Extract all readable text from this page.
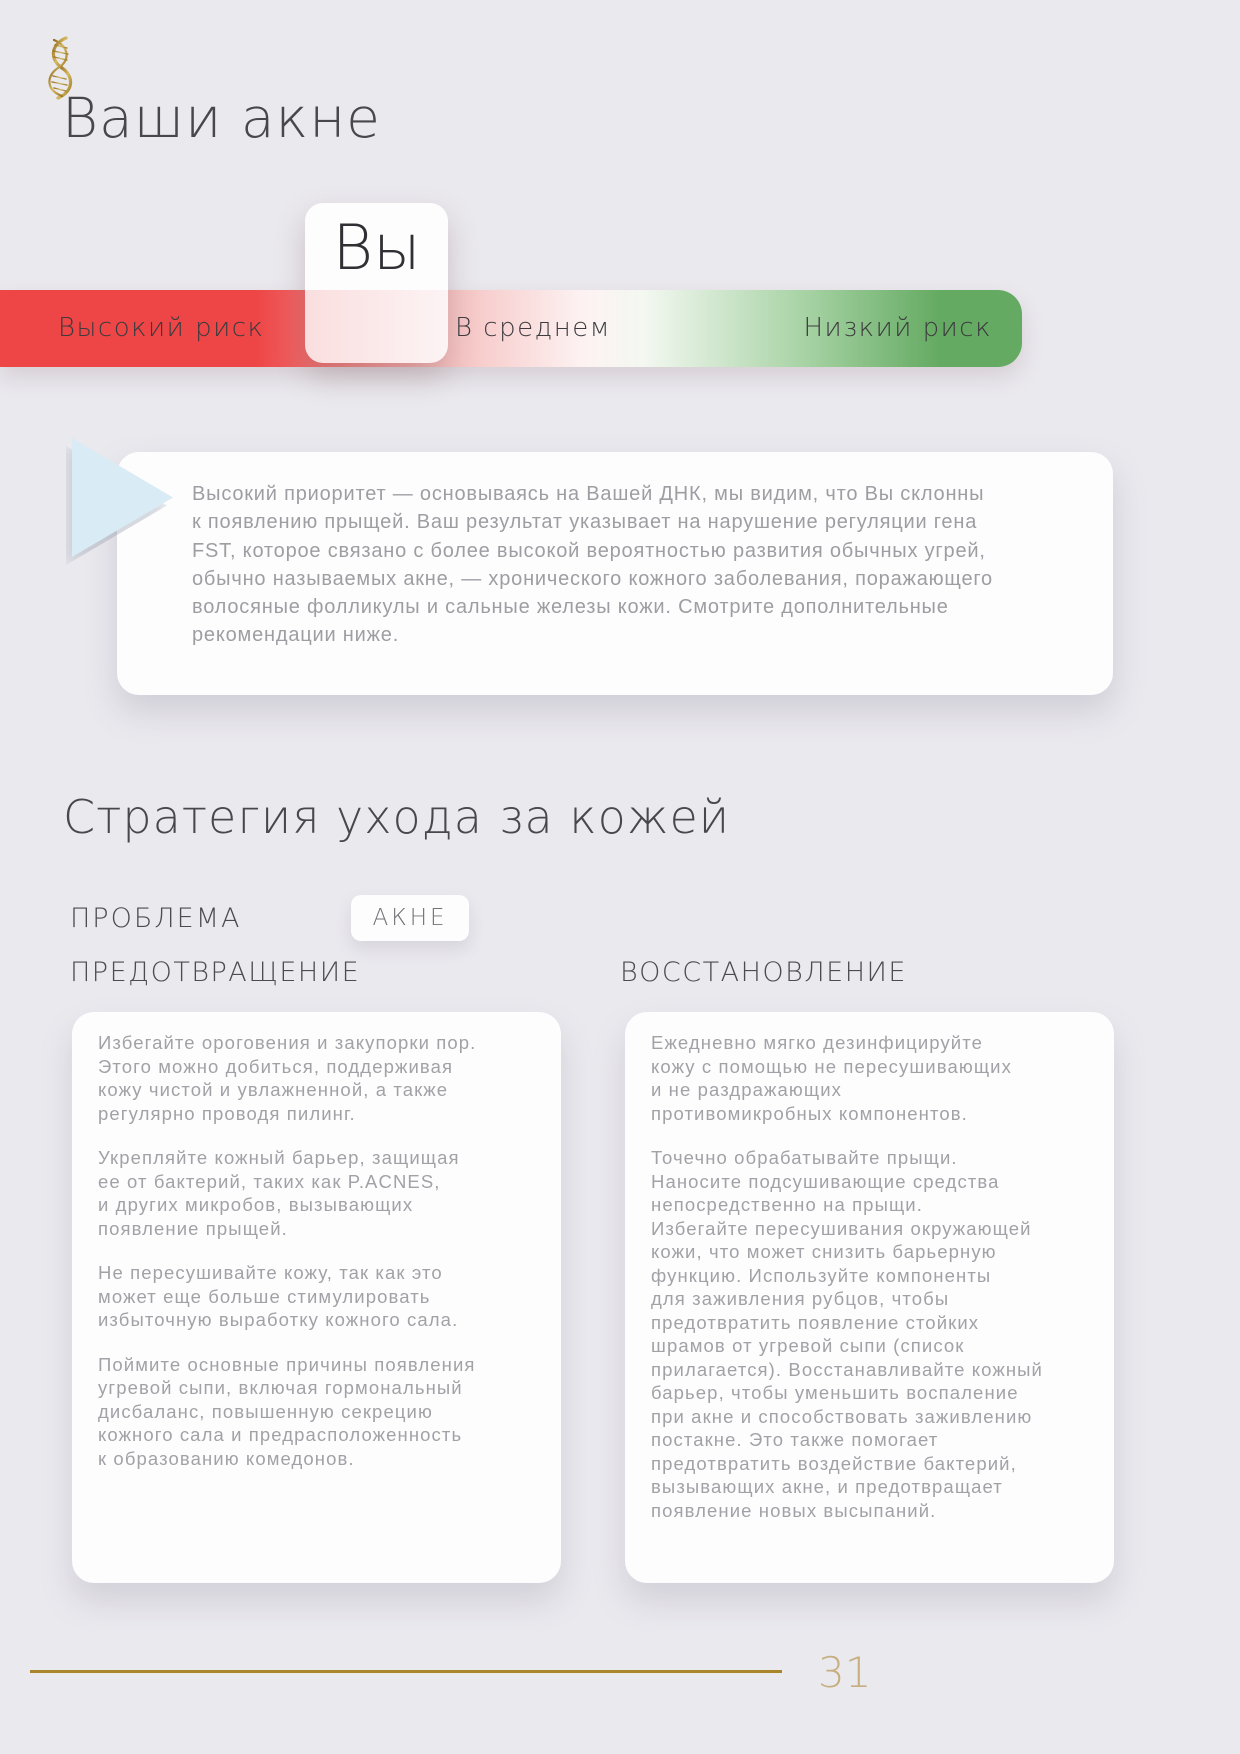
Ваши акне
Высокий риск	В среднем	Низкий риск
Вы
Высокий приоритет — основываясь на Вашей ДНК, мы видим, что Вы склонны
к появлению прыщей. Ваш результат указывает на нарушение регуляции гена
FST, которое связано с более высокой вероятностью развития обычных угрей,
обычно называемых акне, — хронического кожного заболевания, поражающего
волосяные фолликулы и сальные железы кожи. Смотрите дополнительные
рекомендации ниже.
Стратегия ухода за кожей
ПРОБЛЕМА	АКНЕ
ПРЕДОТВРАЩЕНИЕ	ВОССТАНОВЛЕНИЕ
Избегайте ороговения и закупорки пор.
Этого можно добиться, поддерживая
кожу чистой и увлажненной, а также
регулярно проводя пилинг.
Укрепляйте кожный барьер, защищая
ее от бактерий, таких как P.ACNES,
и других микробов, вызывающих
появление прыщей.
Не пересушивайте кожу, так как это
может еще больше стимулировать
избыточную выработку кожного сала.
Поймите основные причины появления
угревой сыпи, включая гормональный
дисбаланс, повышенную секрецию
кожного сала и предрасположенность
к образованию комедонов.
Ежедневно мягко дезинфицируйте
кожу с помощью не пересушивающих
и не раздражающих
противомикробных компонентов.
Точечно обрабатывайте прыщи.
Наносите подсушивающие средства
непосредственно на прыщи.
Избегайте пересушивания окружающей
кожи, что может снизить барьерную
функцию. Используйте компоненты
для заживления рубцов, чтобы
предотвратить появление стойких
шрамов от угревой сыпи (список
прилагается). Восстанавливайте кожный
барьер, чтобы уменьшить воспаление
при акне и способствовать заживлению
постакне. Это также помогает
предотвратить воздействие бактерий,
вызывающих акне, и предотвращает
появление новых высыпаний.
31
